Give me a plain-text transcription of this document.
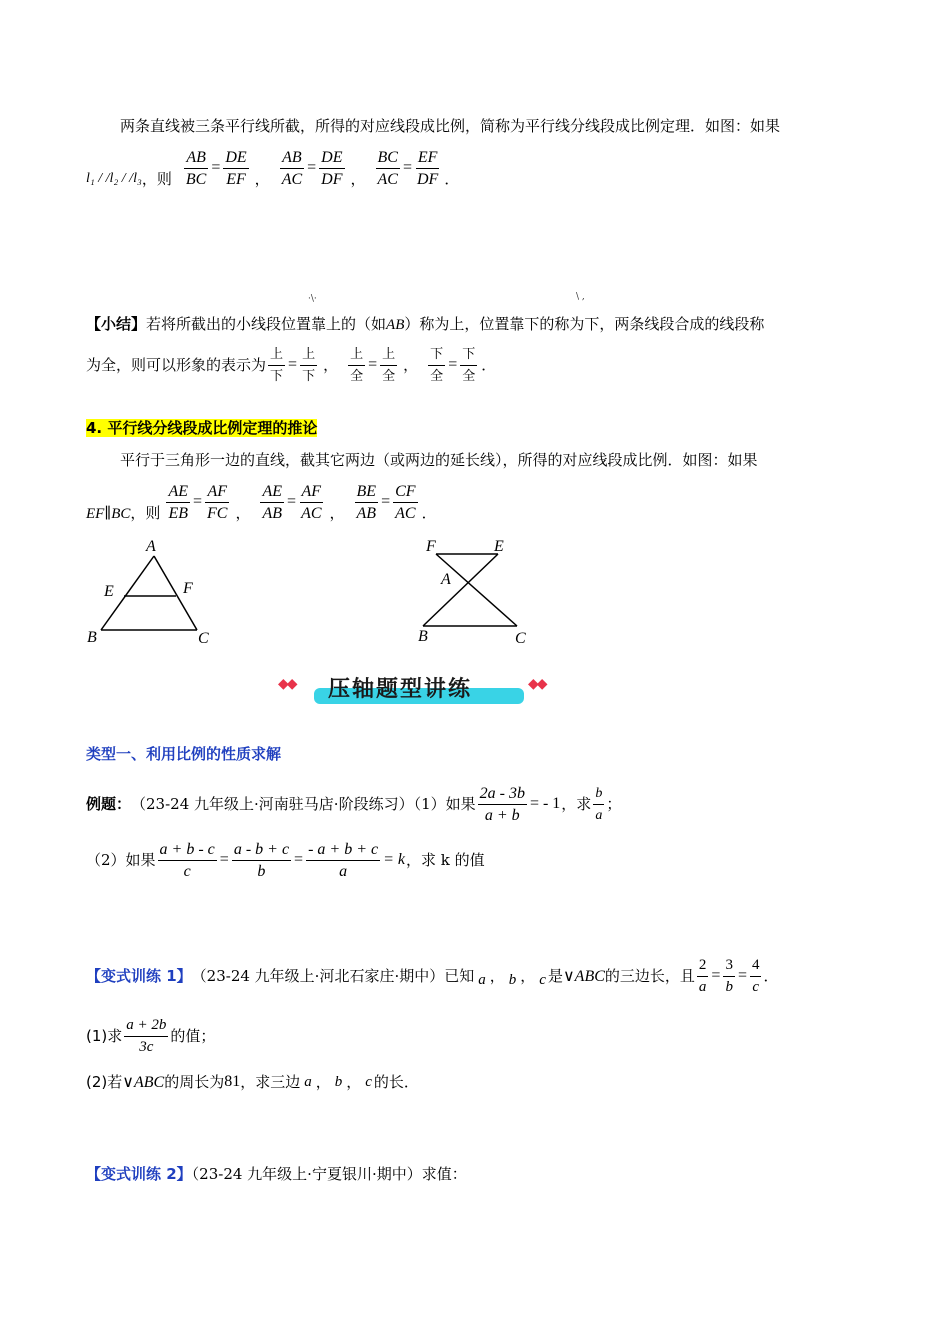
两条直线被三条平行线所截，所得的对应线段成比例，简称为平行线分线段成比例定理．如图：如果
l₁ / /l₂ / /l₃ ，则 $\frac{AB}{BC} = \frac{DE}{EF}$ ， $\frac{AB}{AC} = \frac{DE}{DF}$ ， $\frac{BC}{AC} = \frac{EF}{DF}$ ．
·\·	\ ,
【小结】若将所截出的小线段位置靠上的（如AB）称为上，位置靠下的称为下，两条线段合成的线段称
为全，则可以形象的表示为 $\frac{\text{上}}{\text{下}} = \frac{\text{上}}{\text{下}}$ ， $\frac{\text{上}}{\text{全}} = \frac{\text{上}}{\text{全}}$ ， $\frac{\text{下}}{\text{全}} = \frac{\text{下}}{\text{全}}$ ．
4. 平行线分线段成比例定理的推论
平行于三角形一边的直线，截其它两边（或两边的延长线），所得的对应线段成比例．如图：如果
EF∥BC ，则 $\frac{AE}{EB} = \frac{AF}{FC}$ ， $\frac{AE}{AB} = \frac{AF}{AC}$ ， $\frac{BE}{AB} = \frac{CF}{AC}$ ．
A
E	F
B	C
F	E
A
B	C
◆◆ 压轴题型讲练	◆◆
类型一、利用比例的性质求解
例题： （23-24 九年级上·河南驻马店·阶段练习）（1）如果 $\frac{2a - 3b}{a + b}$ = - 1 ，求 $\frac{b}{a}$ ；
（2）如果 $\frac{a + b - c}{c} = \frac{a - b + c}{b} = \frac{- a + b + c}{a} = k$ ，求 k 的值
【变式训练 1】 （23-24 九年级上·河北石家庄·期中）已知 a ， b ， c 是 ∨ABC 的三边长，且 $\frac{2}{a} = \frac{3}{b} = \frac{4}{c}$ ．
(1)求 $\frac{a + 2b}{3c}$ 的值；
(2)若 ∨ABC 的周长为 81 ，求三边 a ， b ， c 的长．
【变式训练 2】（23-24 九年级上·宁夏银川·期中）求值：
